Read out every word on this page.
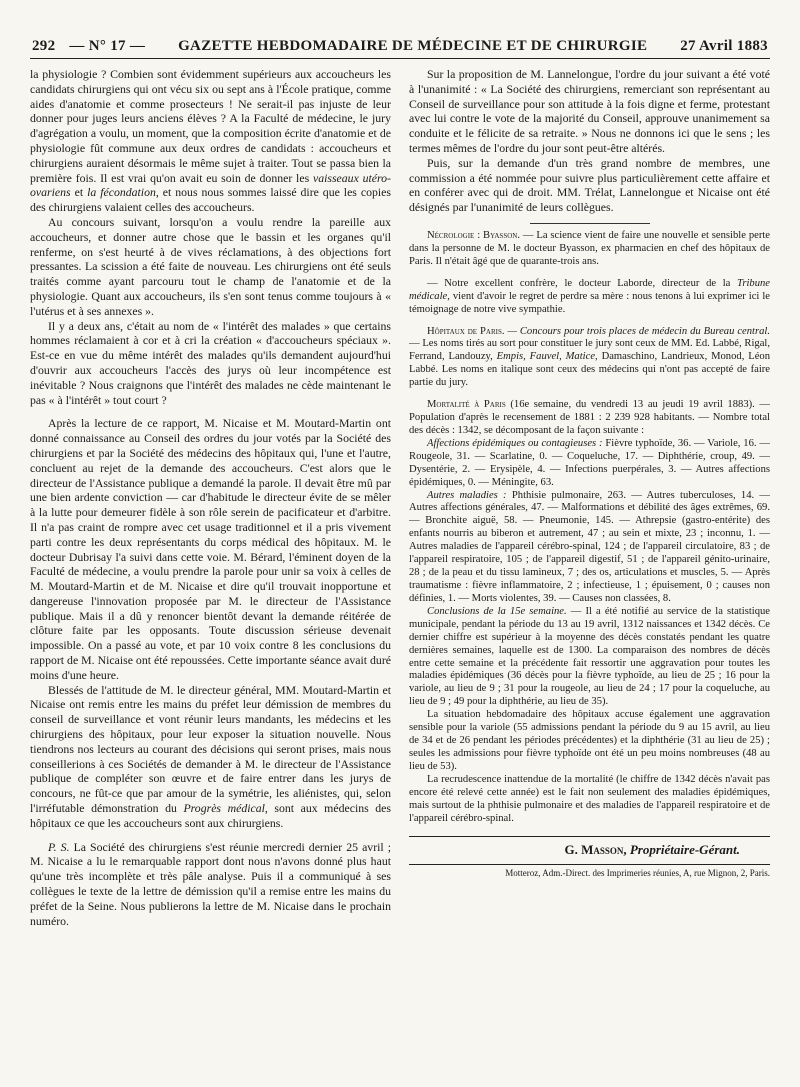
292 — N° 17 —	GAZETTE HEBDOMADAIRE DE MÉDECINE ET DE CHIRURGIE	27 Avril 1883

la physiologie ? Combien sont évidemment supérieurs aux accoucheurs les candidats chirurgiens qui ont vécu six ou sept ans à l'École pratique, comme aides d'anatomie et comme prosecteurs ! Ne serait-il pas injuste de leur donner pour juges leurs anciens élèves ? A la Faculté de médecine, le jury d'agrégation a voulu, un moment, que la composition écrite d'anatomie et de physiologie fût commune aux deux ordres de candidats : accoucheurs et chirurgiens auraient désormais le même sujet à traiter. Tout se passa bien la première fois. Il est vrai qu'on avait eu soin de donner les vaisseaux utéro-ovariens et la fécondation, et nous nous sommes laissé dire que les copies des chirurgiens valaient celles des accoucheurs.

Au concours suivant, lorsqu'on a voulu rendre la pareille aux accoucheurs, et donner autre chose que le bassin et les organes qu'il renferme, on s'est heurté à de vives réclamations, à des objections fort pressantes. La scission a été faite de nouveau. Les chirurgiens ont été seuls traités comme ayant parcouru tout le champ de l'anatomie et de la physiologie. Quant aux accoucheurs, ils s'en sont tenus comme toujours à « l'utérus et à ses annexes ».

Il y a deux ans, c'était au nom de « l'intérêt des malades » que certains hommes réclamaient à cor et à cri la création « d'accoucheurs spéciaux ». Est-ce en vue du même intérêt des malades qu'ils demandent aujourd'hui d'ouvrir aux accoucheurs l'accès des jurys où leur incompétence est inévitable ? Nous craignons que l'intérêt des malades ne cède maintenant le pas « à l'intérêt » tout court ?

Après la lecture de ce rapport, M. Nicaise et M. Moutard-Martin ont donné connaissance au Conseil des ordres du jour votés par la Société des chirurgiens et par la Société des médecins des hôpitaux qui, l'une et l'autre, concluent au rejet de la demande des accoucheurs. C'est alors que le directeur de l'Assistance publique a demandé la parole. Il devait être mû par une bien ardente conviction — car d'habitude le directeur évite de se mêler à la lutte pour demeurer fidèle à son rôle serein de pacificateur et d'arbitre. Il n'a pas craint de rompre avec cet usage traditionnel et il a pris vivement parti contre les deux représentants du corps médical des hôpitaux. M. le docteur Dubrisay l'a suivi dans cette voie. M. Bérard, l'éminent doyen de la Faculté de médecine, a voulu prendre la parole pour unir sa voix à celles de M. Moutard-Martin et de M. Nicaise et dire qu'il trouvait inopportune et dangereuse l'innovation proposée par M. le directeur de l'Assistance publique. Mais il a dû y renoncer bientôt devant la demande réitérée de clôture faite par les opposants. Toute discussion sérieuse devenait impossible. On a passé au vote, et par 10 voix contre 8 les conclusions du rapport de M. Nicaise ont été repoussées. Cette importante séance avait duré moins d'une heure.

Blessés de l'attitude de M. le directeur général, MM. Moutard-Martin et Nicaise ont remis entre les mains du préfet leur démission de membres du conseil de surveillance et vont réunir leurs mandants, les médecins et les chirurgiens des hôpitaux, pour leur exposer la situation nouvelle. Nous tiendrons nos lecteurs au courant des décisions qui seront prises, mais nous conseillerions à ces Sociétés de demander à M. le directeur de l'Assistance publique de compléter son œuvre et de faire entrer dans les jurys de concours, ne fût-ce que par amour de la symétrie, les aliénistes, qui, selon l'irréfutable démonstration du Progrès médical, sont aux médecins des hôpitaux ce que les accoucheurs sont aux chirurgiens.

P. S. La Société des chirurgiens s'est réunie mercredi dernier 25 avril ; M. Nicaise a lu le remarquable rapport dont nous n'avons donné plus haut qu'une très incomplète et très pâle analyse. Puis il a communiqué à ses collègues le texte de la lettre de démission qu'il a remise entre les mains du préfet de la Seine. Nous publierons la lettre de M. Nicaise dans le prochain numéro.

Sur la proposition de M. Lannelongue, l'ordre du jour suivant a été voté à l'unanimité : « La Société des chirurgiens, remerciant son représentant au Conseil de surveillance pour son attitude à la fois digne et ferme, protestant avec lui contre le vote de la majorité du Conseil, approuve unanimement sa conduite et le félicite de sa retraite. » Nous ne donnons ici que le sens ; les termes mêmes de l'ordre du jour sont peut-être altérés.

Puis, sur la demande d'un très grand nombre de membres, une commission a été nommée pour suivre plus particulièrement cette affaire et en conférer avec qui de droit. MM. Trélat, Lannelongue et Nicaise ont été désignés par l'unanimité de leurs collègues.

Nécrologie : Byasson. — La science vient de faire une nouvelle et sensible perte dans la personne de M. le docteur Byasson, ex pharmacien en chef des hôpitaux de Paris. Il n'était âgé que de quarante-trois ans.

— Notre excellent confrère, le docteur Laborde, directeur de la Tribune médicale, vient d'avoir le regret de perdre sa mère : nous tenons à lui exprimer ici le témoignage de notre vive sympathie.

Hôpitaux de Paris. — Concours pour trois places de médecin du Bureau central. — Les noms tirés au sort pour constituer le jury sont ceux de MM. Ed. Labbé, Rigal, Ferrand, Landouzy, Empis, Fauvel, Matice, Damaschino, Landrieux, Monod, Léon Labbé. Les noms en italique sont ceux des médecins qui n'ont pas accepté de faire partie du jury.

Mortalité à Paris (16e semaine, du vendredi 13 au jeudi 19 avril 1883). — Population d'après le recensement de 1881 : 2 239 928 habitants. — Nombre total des décès : 1342, se décomposant de la façon suivante :

Affections épidémiques ou contagieuses : Fièvre typhoïde, 36. — Variole, 16. — Rougeole, 31. — Scarlatine, 0. — Coqueluche, 17. — Diphthérie, croup, 49. — Dysentérie, 2. — Erysipèle, 4. — Infections puerpérales, 3. — Autres affections épidémiques, 0. — Méningite, 63.

Autres maladies : Phthisie pulmonaire, 263. — Autres tuberculoses, 14. — Autres affections générales, 47. — Malformations et débilité des âges extrêmes, 69. — Bronchite aiguë, 58. — Pneumonie, 145. — Athrepsie (gastro-entérite) des enfants nourris au biberon et autrement, 47 ; au sein et mixte, 23 ; inconnu, 1. — Autres maladies de l'appareil cérébro-spinal, 124 ; de l'appareil circulatoire, 83 ; de l'appareil respiratoire, 105 ; de l'appareil digestif, 51 ; de l'appareil génito-urinaire, 28 ; de la peau et du tissu lamineux, 7 ; des os, articulations et muscles, 5. — Après traumatisme : fièvre inflammatoire, 2 ; infectieuse, 1 ; épuisement, 0 ; causes non définies, 1. — Morts violentes, 39. — Causes non classées, 8.

Conclusions de la 15e semaine. — Il a été notifié au service de la statistique municipale, pendant la période du 13 au 19 avril, 1312 naissances et 1342 décès. Ce dernier chiffre est supérieur à la moyenne des décès constatés pendant les quatre dernières semaines, laquelle est de 1300. La comparaison des nombres de décès entre cette semaine et la précédente fait ressortir une aggravation pour toutes les maladies épidémiques (36 décès pour la fièvre typhoïde, au lieu de 25 ; 16 pour la variole, au lieu de 9 ; 31 pour la rougeole, au lieu de 24 ; 17 pour la coqueluche, au lieu de 9 ; 49 pour la diphthérie, au lieu de 35).

La situation hebdomadaire des hôpitaux accuse également une aggravation sensible pour la variole (55 admissions pendant la période du 9 au 15 avril, au lieu de 34 et de 26 pendant les périodes précédentes) et la diphthérie (31 au lieu de 25) ; seules les admissions pour fièvre typhoïde ont été un peu moins nombreuses (48 au lieu de 53).

La recrudescence inattendue de la mortalité (le chiffre de 1342 décès n'avait pas encore été relevé cette année) est le fait non seulement des maladies épidémiques, mais surtout de la phthisie pulmonaire et des maladies de l'appareil respiratoire et de l'appareil cérébro-spinal.

G. Masson, Propriétaire-Gérant.
Motteroz, Adm.-Direct. des Imprimeries réunies, A, rue Mignon, 2, Paris.
